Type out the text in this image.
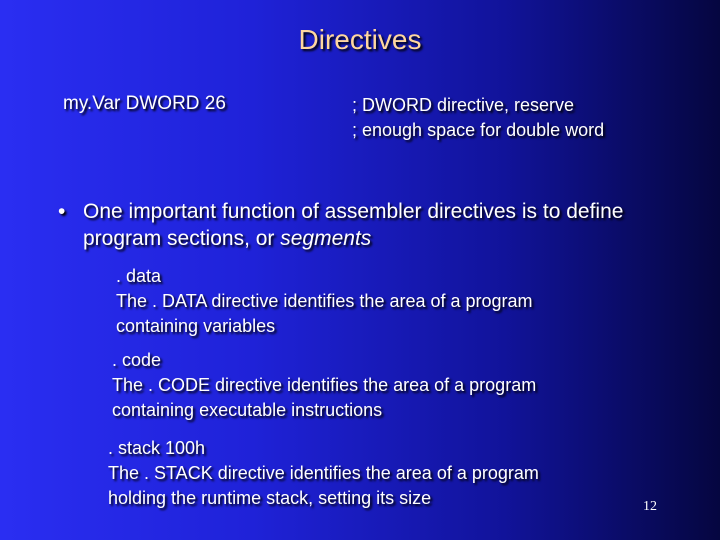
Directives
my.Var DWORD 26	; DWORD directive, reserve
; enough space for double word
• One important function of assembler directives is to define program sections, or segments
. data
The . DATA directive identifies the area of a program
containing variables
. code
The . CODE directive identifies the area of a program
containing executable instructions
. stack 100h
The . STACK directive identifies the area of a program
holding the runtime stack, setting its size	12
